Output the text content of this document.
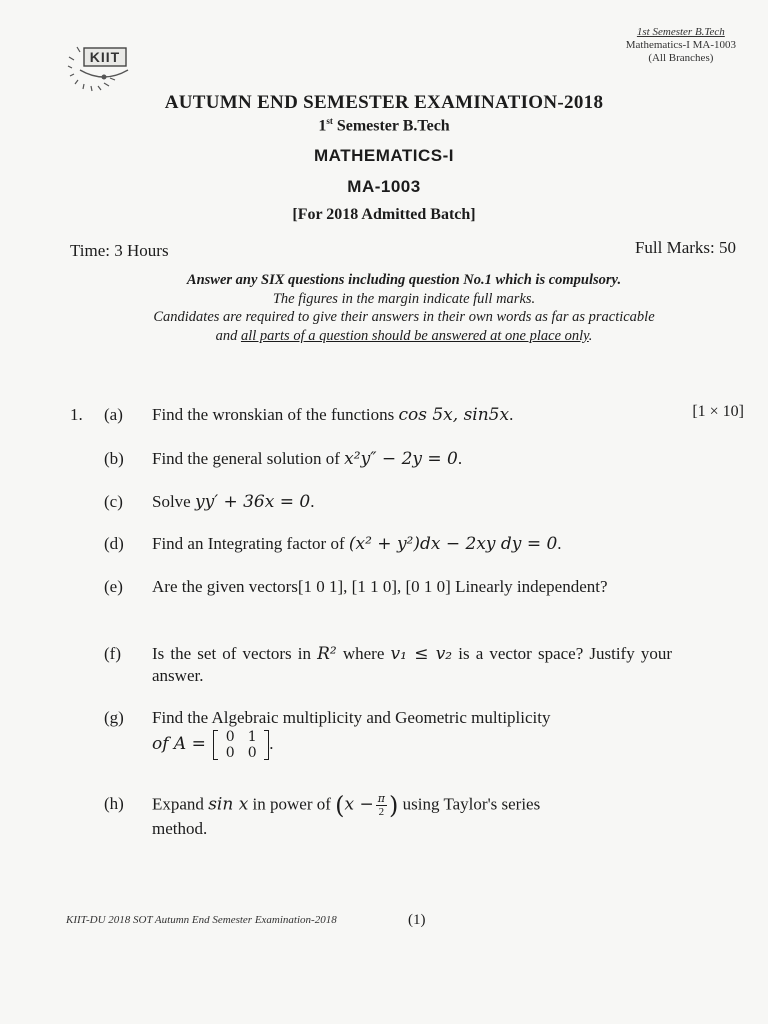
1st Semester B.Tech
Mathematics-I MA-1003
(All Branches)
KIIT
AUTUMN END SEMESTER EXAMINATION-2018
1st Semester B.Tech
MATHEMATICS-I
MA-1003
[For 2018 Admitted Batch]
Time: 3 Hours	Full Marks: 50
Answer any SIX questions including question No.1 which is compulsory.
The figures in the margin indicate full marks.
Candidates are required to give their answers in their own words as far as practicable
and all parts of a question should be answered at one place only.
1.	[1 × 10]
(a)	Find the wronskian of the functions cos 5x, sin5x.
(b)	Find the general solution of x²y″ − 2y = 0.
(c)	Solve yy′ + 36x = 0.
(d)	Find an Integrating factor of (x² + y²)dx − 2xy dy = 0.
(e)	Are the given vectors[1 0 1], [1 1 0], [0 1 0] Linearly independent?
(f)	Is the set of vectors in R² where v₁ ≤ v₂ is a vector space? Justify your answer.
(g)	Find the Algebraic multiplicity and Geometric multiplicity
of A =	0 1
0 0
.
(h)	Expand sin x in power of ($x - \frac{\pi}{2}$ ) using Taylor's series
method.
KIIT-DU 2018 SOT Autumn End Semester Examination-2018	(1)
